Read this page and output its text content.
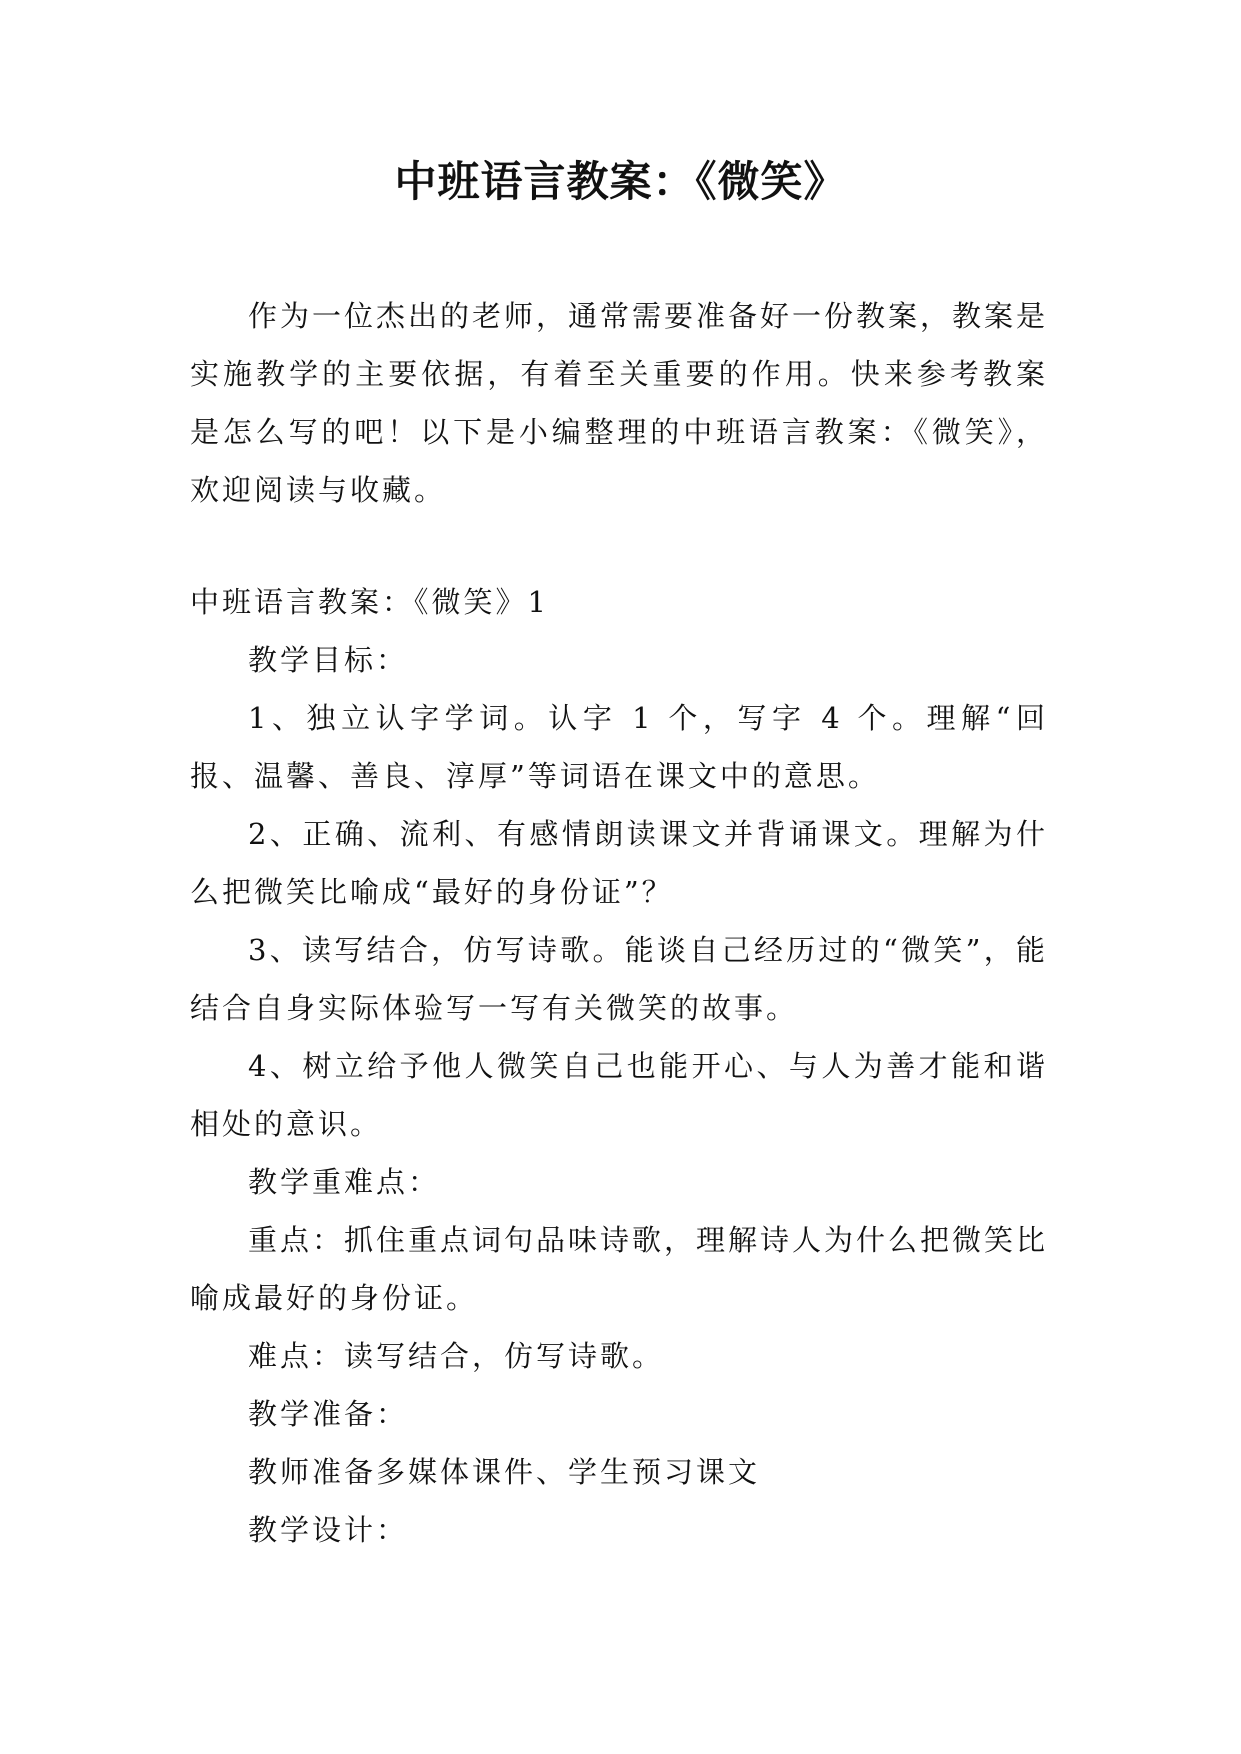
中班语言教案：《微笑》

作为一位杰出的老师，通常需要准备好一份教案，教案是实施教学的主要依据，有着至关重要的作用。快来参考教案是怎么写的吧！以下是小编整理的中班语言教案：《微笑》，欢迎阅读与收藏。

中班语言教案：《微笑》1

教学目标：

1、独立认字学词。认字 1 个，写字 4 个。理解“回报、温馨、善良、淳厚”等词语在课文中的意思。

2、正确、流利、有感情朗读课文并背诵课文。理解为什么把微笑比喻成“最好的身份证”？

3、读写结合，仿写诗歌。能谈自己经历过的“微笑”，能结合自身实际体验写一写有关微笑的故事。

4、树立给予他人微笑自己也能开心、与人为善才能和谐相处的意识。

教学重难点：

重点：抓住重点词句品味诗歌，理解诗人为什么把微笑比喻成最好的身份证。

难点：读写结合，仿写诗歌。

教学准备：

教师准备多媒体课件、学生预习课文

教学设计：
